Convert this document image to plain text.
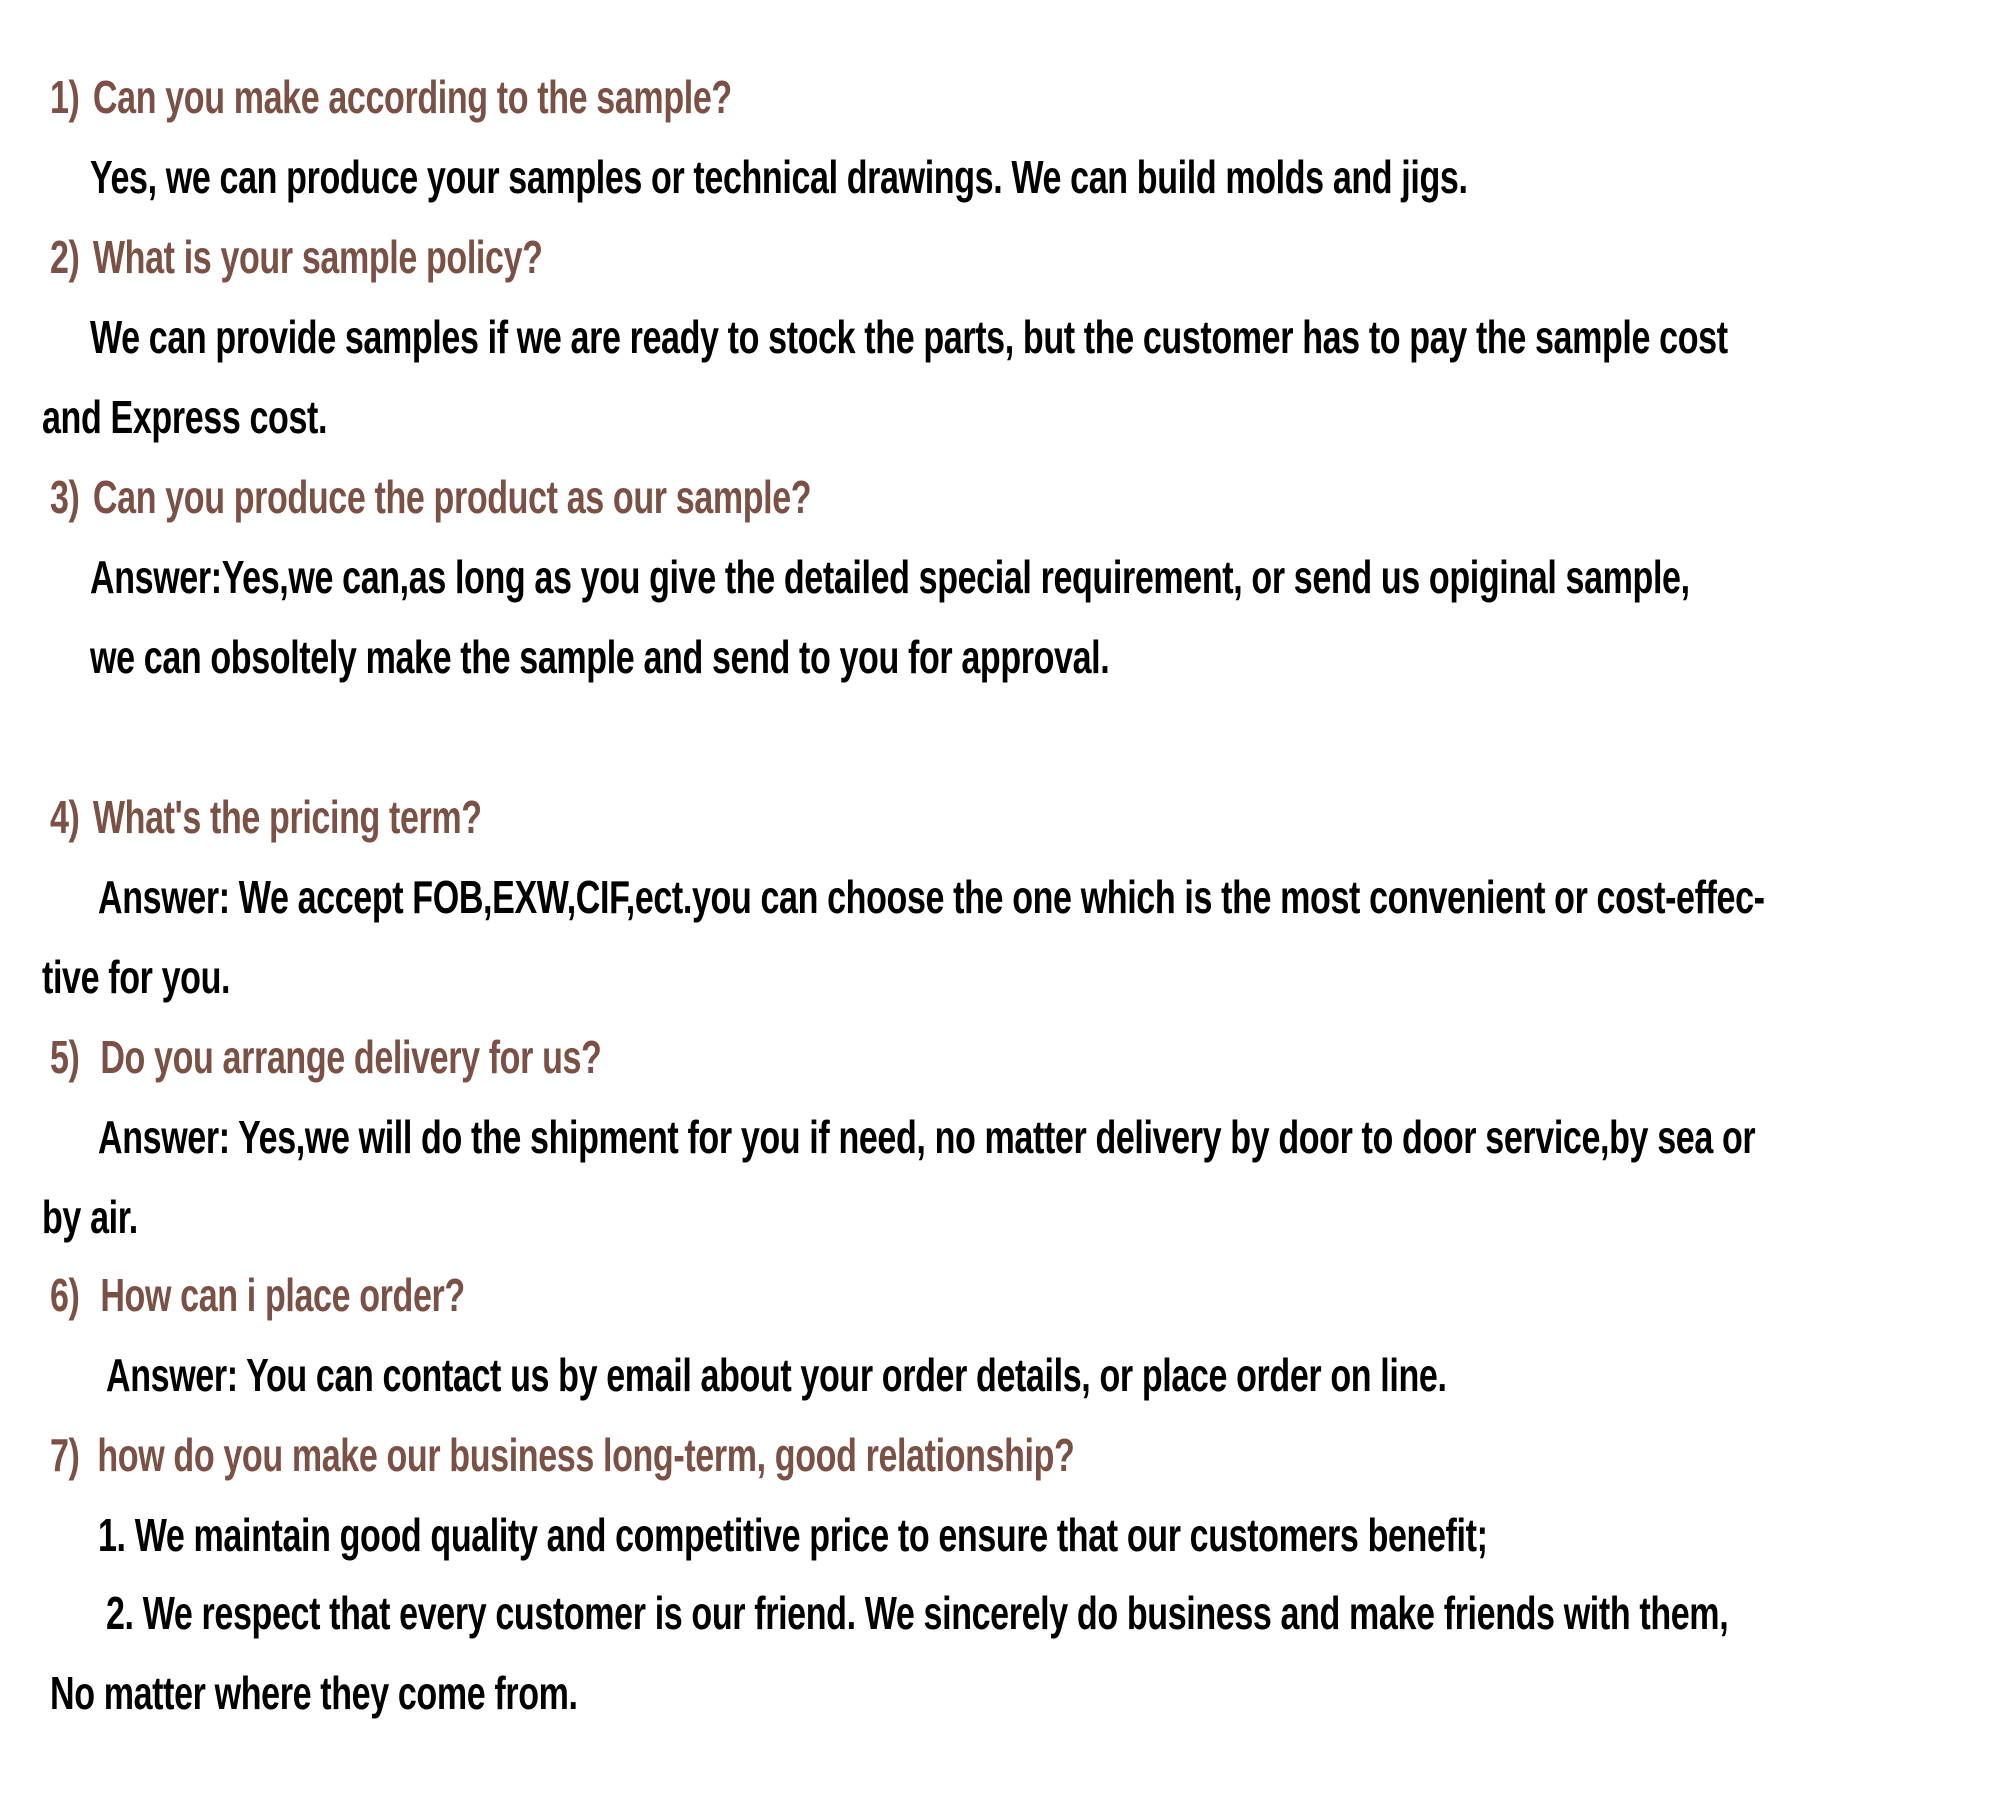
1) Can you make according to the sample?
Yes, we can produce your samples or technical drawings. We can build molds and jigs.
2) What is your sample policy?
We can provide samples if we are ready to stock the parts, but the customer has to pay the sample cost
and Express cost.
3) Can you produce the product as our sample?
Answer:Yes,we can,as long as you give the detailed special requirement, or send us opiginal sample,
we can obsoltely make the sample and send to you for approval.
4) What's the pricing term?
Answer: We accept FOB,EXW,CIF,ect.you can choose the one which is the most convenient or cost-effec-
tive for you.
5) Do you arrange delivery for us?
Answer: Yes,we will do the shipment for you if need, no matter delivery by door to door service,by sea or
by air.
6) How can i place order?
Answer: You can contact us by email about your order details, or place order on line.
7) how do you make our business long-term, good relationship?
1. We maintain good quality and competitive price to ensure that our customers benefit;
2. We respect that every customer is our friend. We sincerely do business and make friends with them,
No matter where they come from.
